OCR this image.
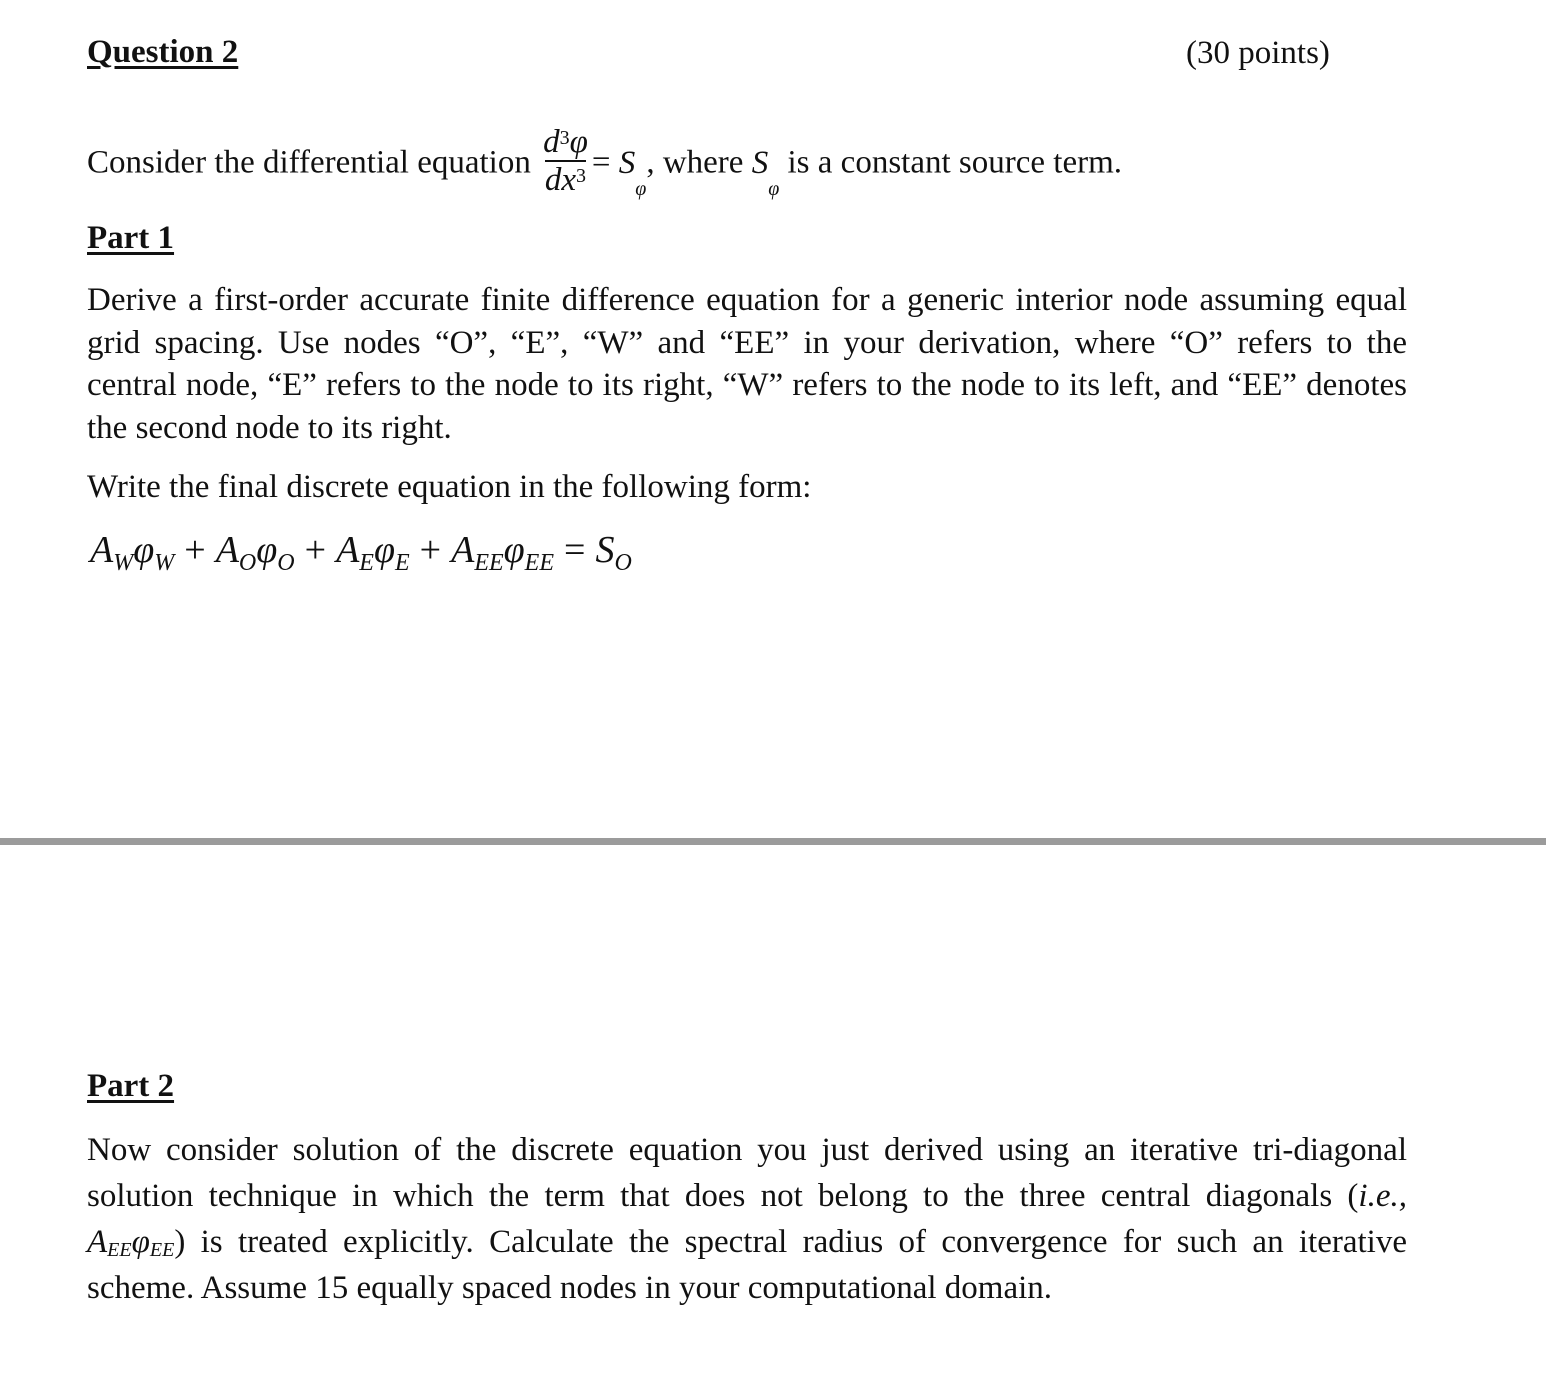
Question 2	(30 points)
Consider the differential equation $\frac{d^3\varphi}{dx^3} = S_\varphi$, where $S_\varphi$ is a constant source term.
Part 1
Derive a first-order accurate finite difference equation for a generic interior node assuming equal grid spacing. Use nodes “O”, “E”, “W” and “EE” in your derivation, where “O” refers to the central node, “E” refers to the node to its right, “W” refers to the node to its left, and “EE” denotes the second node to its right.
Write the final discrete equation in the following form:
$A_W\varphi_W + A_O\varphi_O + A_E\varphi_E + A_{EE}\varphi_{EE} = S_O$
Part 2
Now consider solution of the discrete equation you just derived using an iterative tri-diagonal solution technique in which the term that does not belong to the three central diagonals (i.e., $A_{EE}\varphi_{EE}$) is treated explicitly. Calculate the spectral radius of convergence for such an iterative scheme. Assume 15 equally spaced nodes in your computational domain.
